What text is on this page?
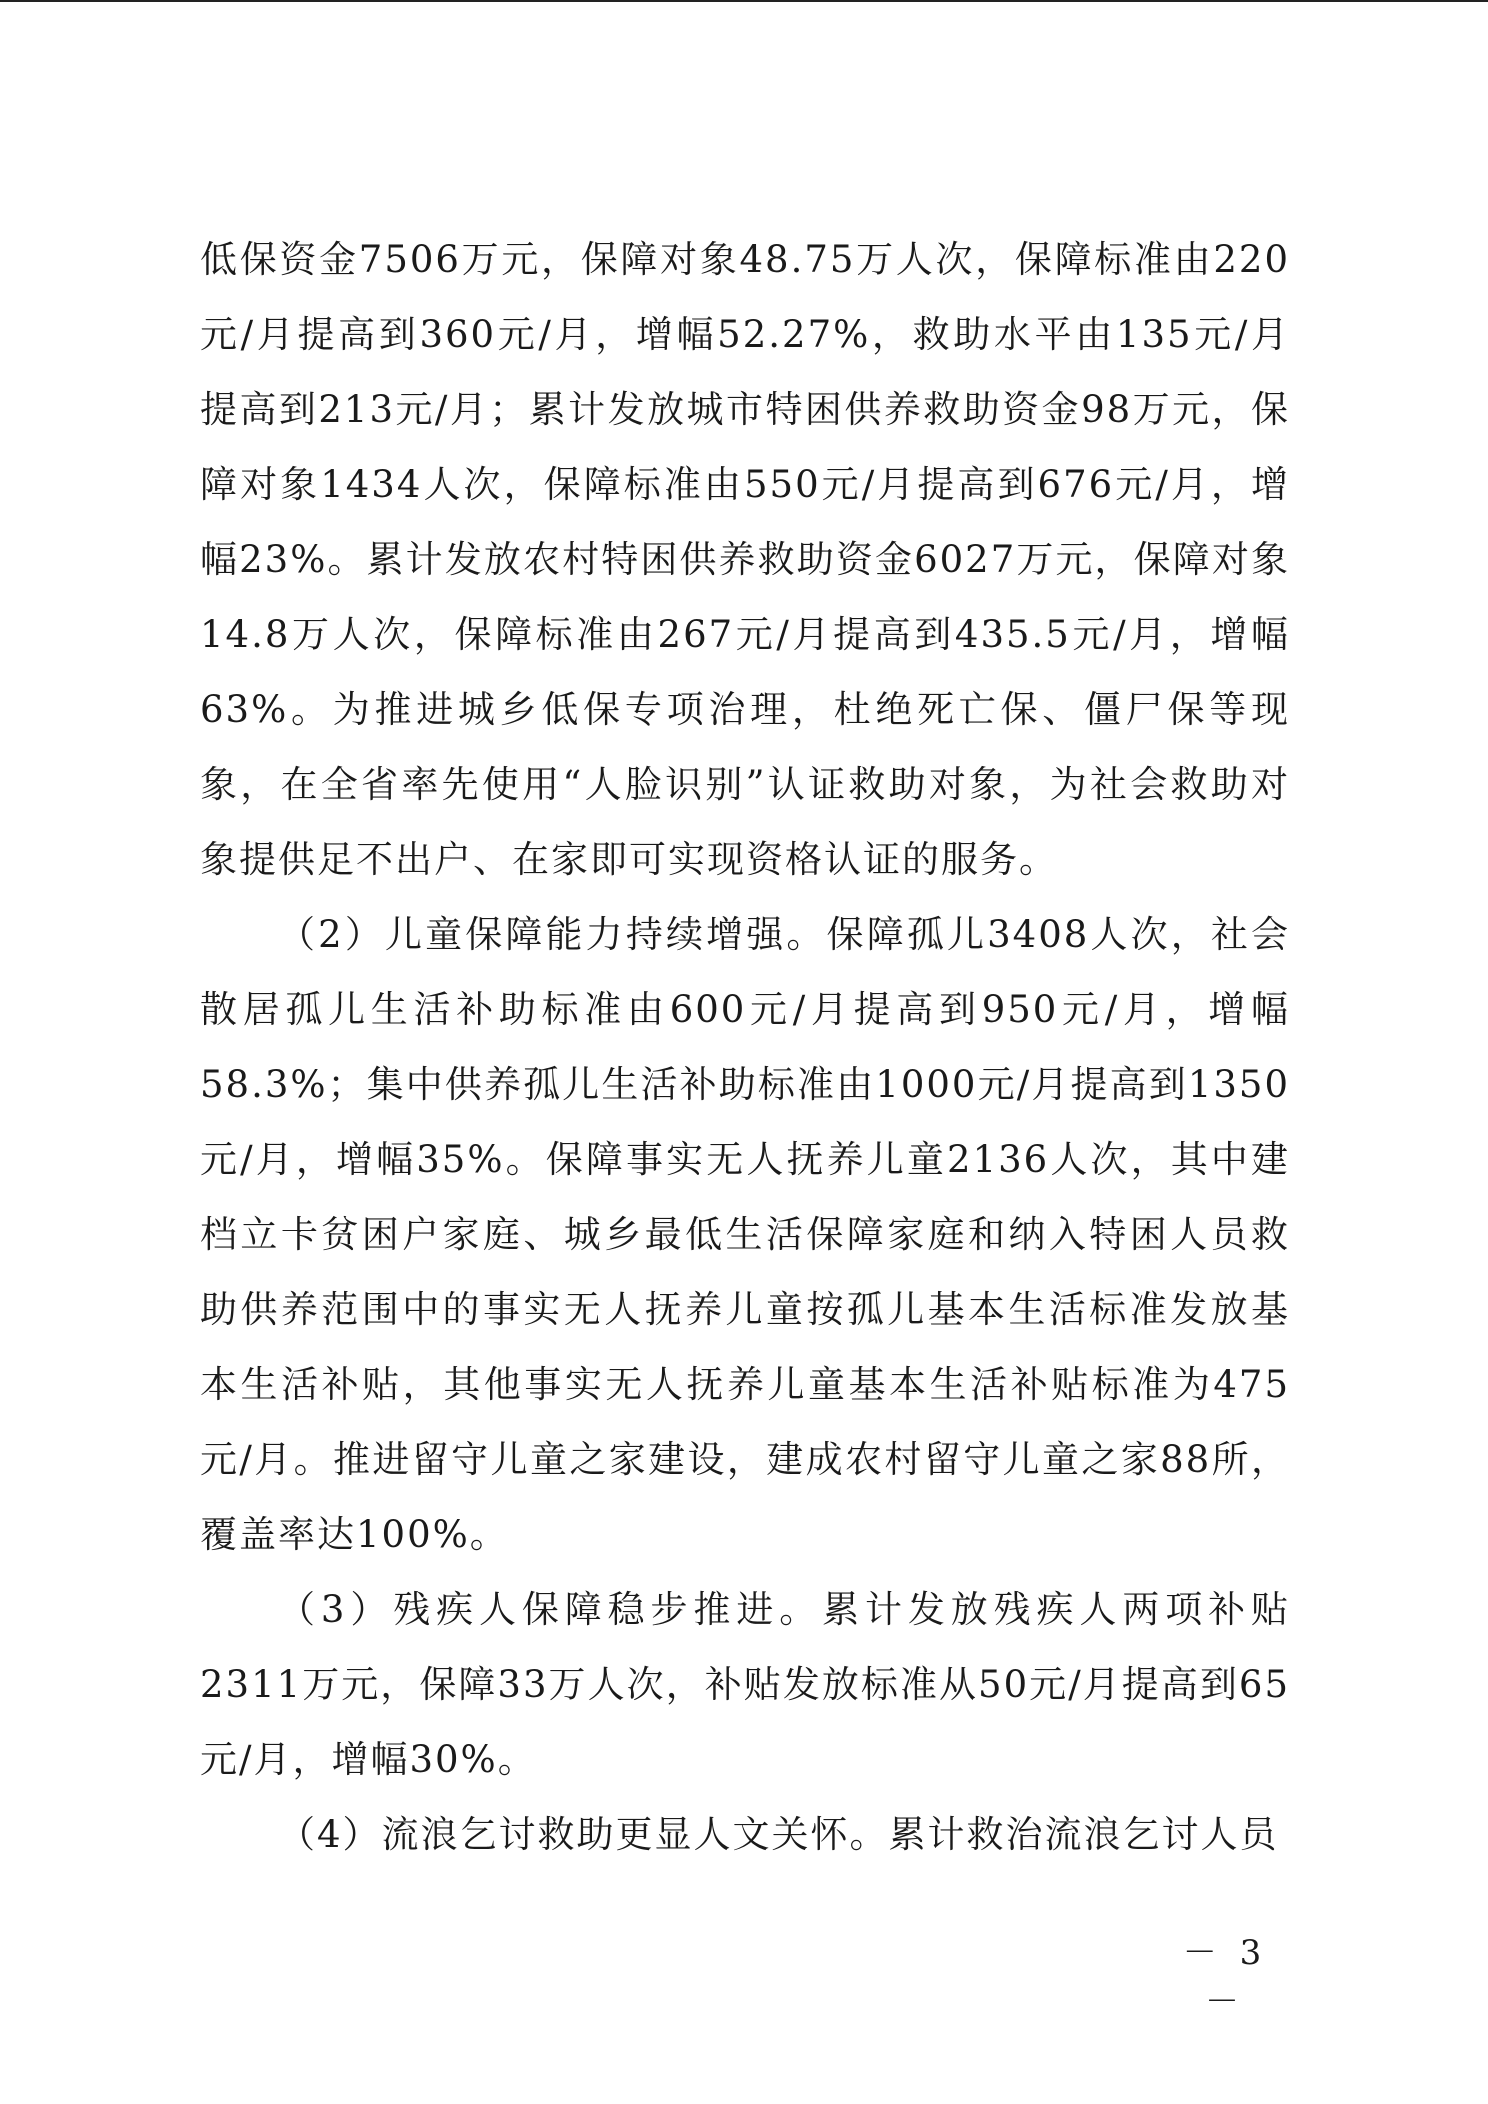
低保资金7506万元，保障对象48.75万人次，保障标准由220元/月提高到360元/月，增幅52.27%，救助水平由135元/月提高到213元/月；累计发放城市特困供养救助资金98万元，保障对象1434人次，保障标准由550元/月提高到676元/月，增幅23%。累计发放农村特困供养救助资金6027万元，保障对象14.8万人次，保障标准由267元/月提高到435.5元/月，增幅63%。为推进城乡低保专项治理，杜绝死亡保、僵尸保等现象，在全省率先使用“人脸识别”认证救助对象，为社会救助对象提供足不出户、在家即可实现资格认证的服务。

（2）儿童保障能力持续增强。保障孤儿3408人次，社会散居孤儿生活补助标准由600元/月提高到950元/月，增幅58.3%；集中供养孤儿生活补助标准由1000元/月提高到1350元/月，增幅35%。保障事实无人抚养儿童2136人次，其中建档立卡贫困户家庭、城乡最低生活保障家庭和纳入特困人员救助供养范围中的事实无人抚养儿童按孤儿基本生活标准发放基本生活补贴，其他事实无人抚养儿童基本生活补贴标准为475元/月。推进留守儿童之家建设，建成农村留守儿童之家88所，覆盖率达100%。

（3）残疾人保障稳步推进。累计发放残疾人两项补贴2311万元，保障33万人次，补贴发放标准从50元/月提高到65元/月，增幅30%。

（4）流浪乞讨救助更显人文关怀。累计救治流浪乞讨人员

－ 3 －
